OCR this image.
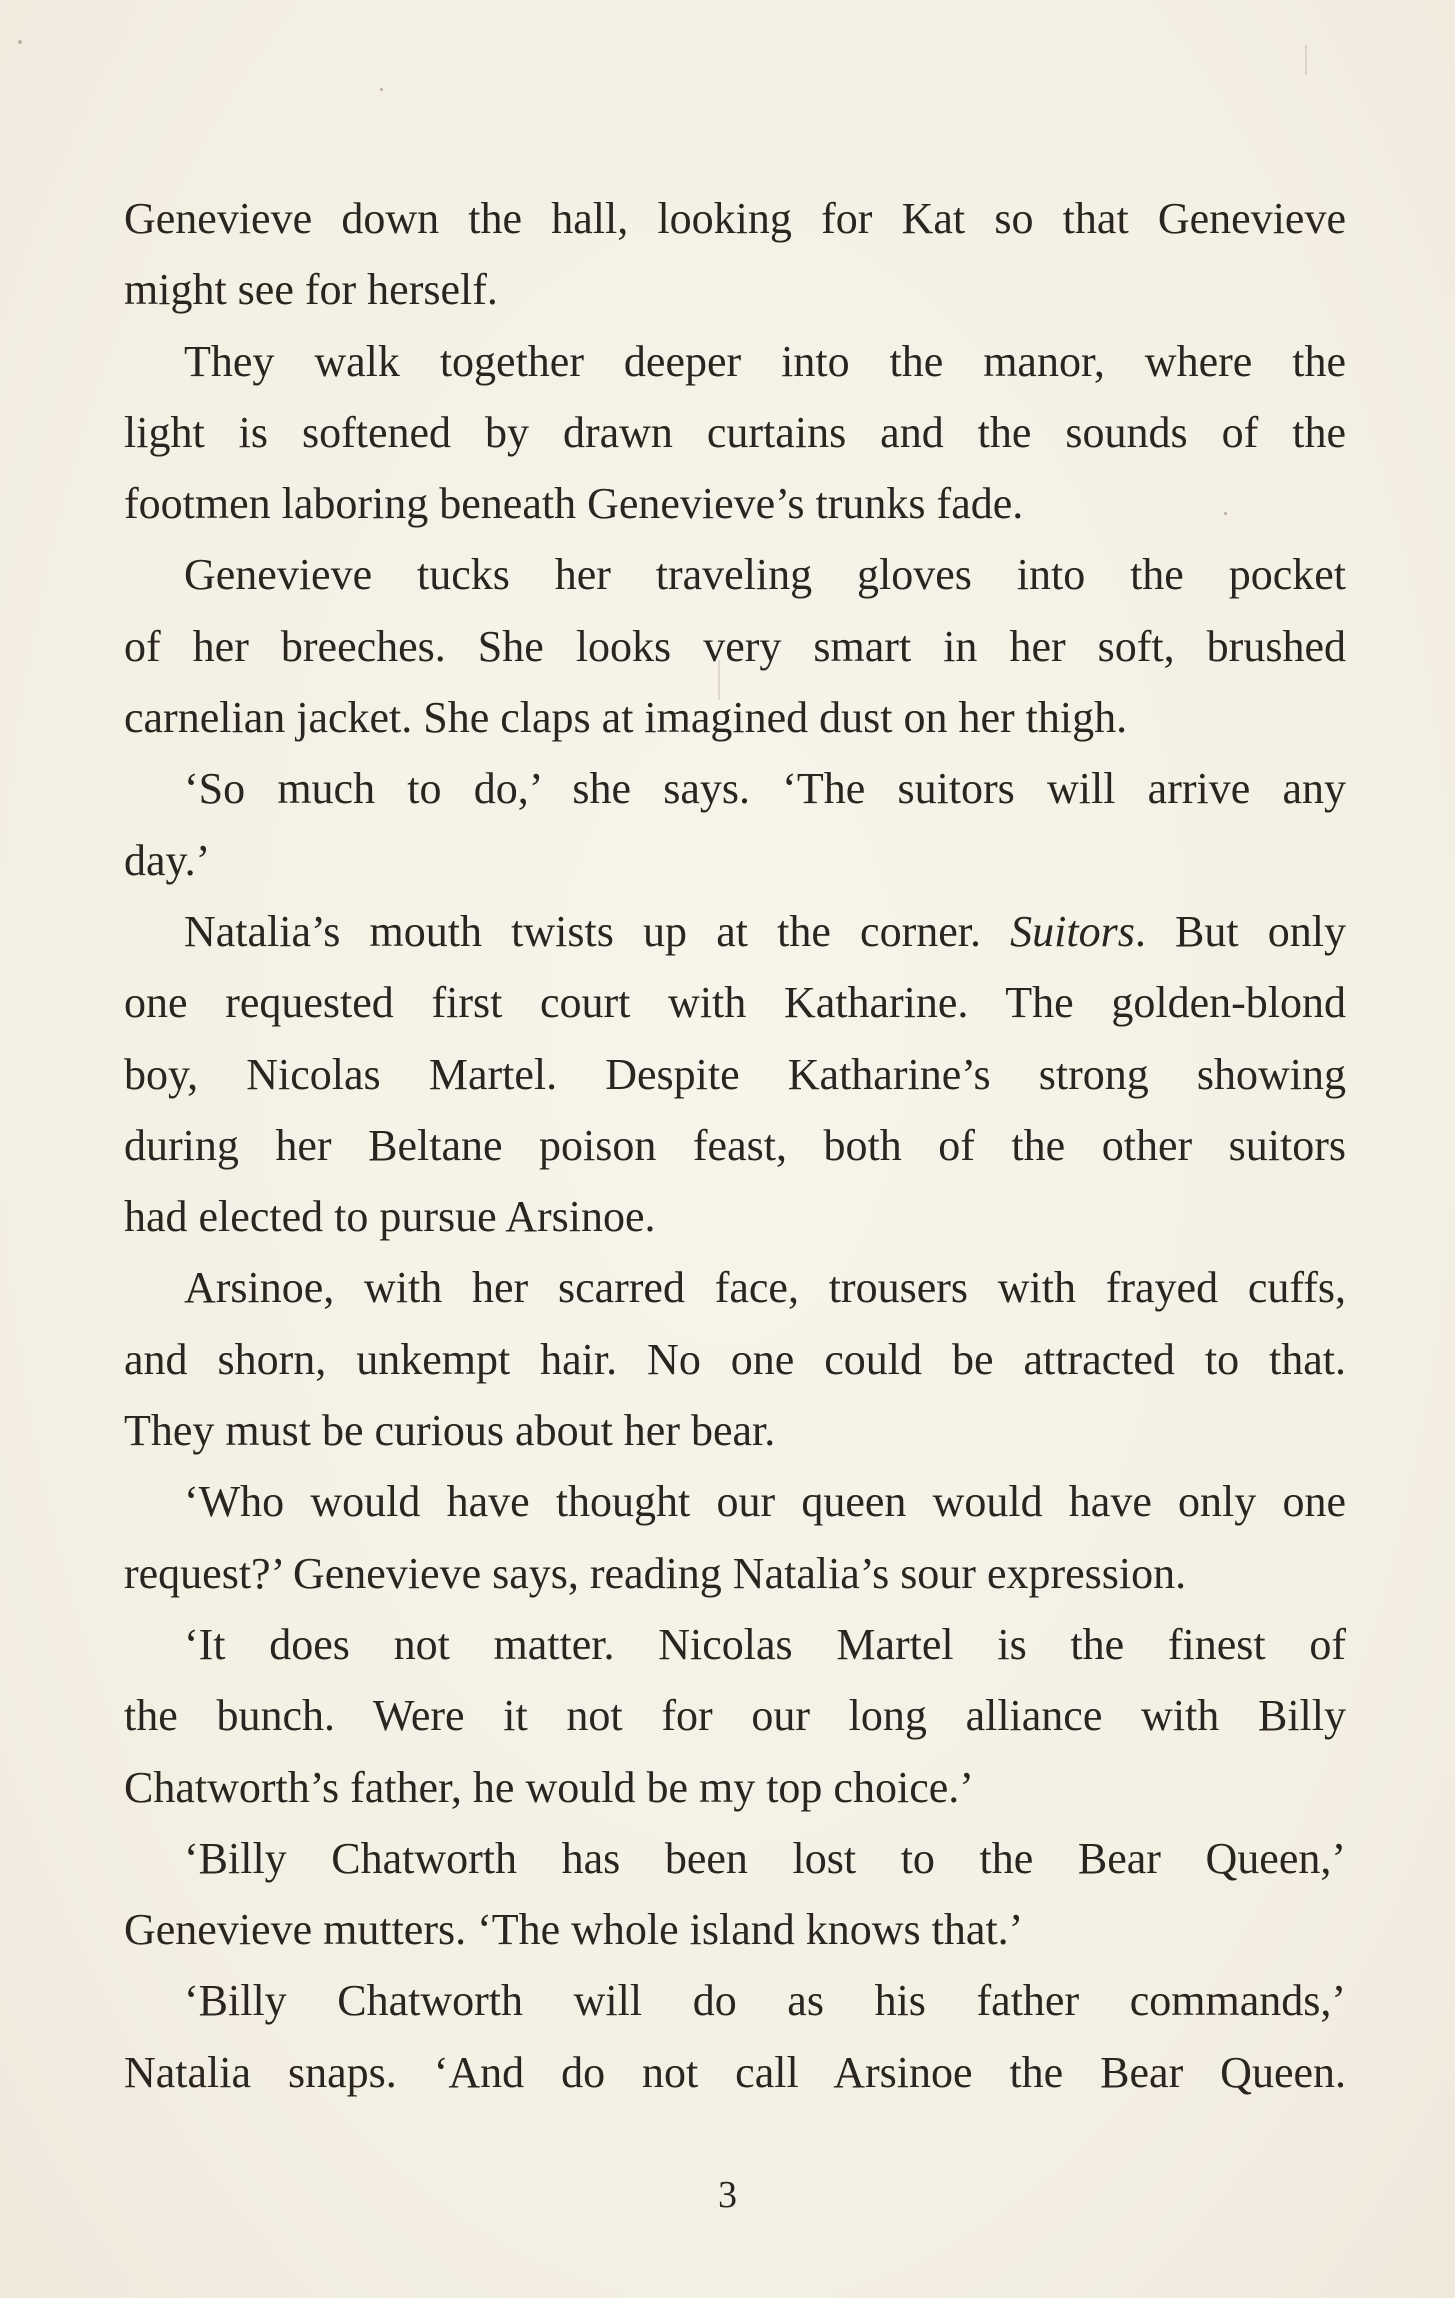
Genevieve down the hall, looking for Kat so that Genevieve
might see for herself.
They walk together deeper into the manor, where the
light is softened by drawn curtains and the sounds of the
footmen laboring beneath Genevieve’s trunks fade.
Genevieve tucks her traveling gloves into the pocket
of her breeches. She looks very smart in her soft, brushed
carnelian jacket. She claps at imagined dust on her thigh.
‘So much to do,’ she says. ‘The suitors will arrive any
day.’
Natalia’s mouth twists up at the corner. Suitors. But only
one requested first court with Katharine. The golden-blond
boy, Nicolas Martel. Despite Katharine’s strong showing
during her Beltane poison feast, both of the other suitors
had elected to pursue Arsinoe.
Arsinoe, with her scarred face, trousers with frayed cuffs,
and shorn, unkempt hair. No one could be attracted to that.
They must be curious about her bear.
‘Who would have thought our queen would have only one
request?’ Genevieve says, reading Natalia’s sour expression.
‘It does not matter. Nicolas Martel is the finest of
the bunch. Were it not for our long alliance with Billy
Chatworth’s father, he would be my top choice.’
‘Billy Chatworth has been lost to the Bear Queen,’
Genevieve mutters. ‘The whole island knows that.’
‘Billy Chatworth will do as his father commands,’
Natalia snaps. ‘And do not call Arsinoe the Bear Queen.
3
